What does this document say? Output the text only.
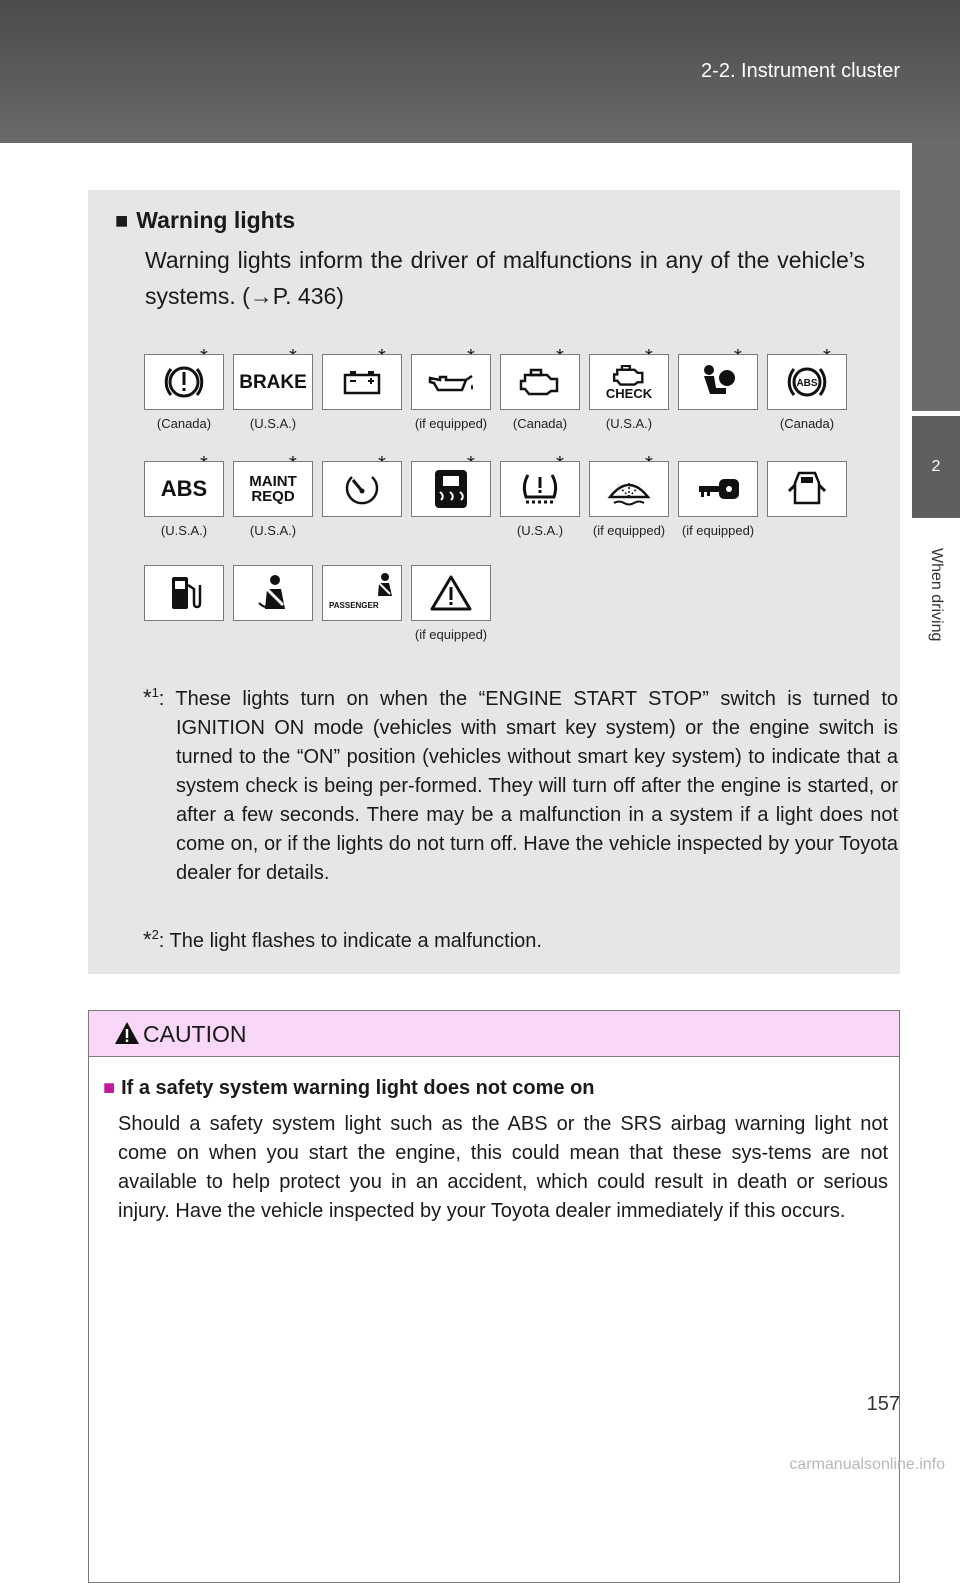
2-2. Instrument cluster
2
When driving
■ Warning lights
Warning lights inform the driver of malfunctions in any of the vehicle’s systems. (→P. 436)
(Canada)
BRAKE
(U.S.A.)	(if equipped)	(Canada)
CHECK
(U.S.A.)
ABS
(Canada)
ABS
(U.S.A.)
MAINT REQD
(U.S.A.)	(U.S.A.)	(if equipped)	(if equipped)
PASSENGER
(if equipped)
*$^1$: These lights turn on when the “ENGINE START STOP” switch is turned to IGNITION ON mode (vehicles with smart key system) or the engine switch is turned to the “ON” position (vehicles without smart key system) to indicate that a system check is being per-formed. They will turn off after the engine is started, or after a few seconds. There may be a malfunction in a system if a light does not come on, or if the lights do not turn off. Have the vehicle inspected by your Toyota dealer for details.
*$^2$: The light flashes to indicate a malfunction.
CAUTION
■ If a safety system warning light does not come on
Should a safety system light such as the ABS or the SRS airbag warning light not come on when you start the engine, this could mean that these sys-tems are not available to help protect you in an accident, which could result in death or serious injury. Have the vehicle inspected by your Toyota dealer immediately if this occurs.
157
carmanualsonline.info
